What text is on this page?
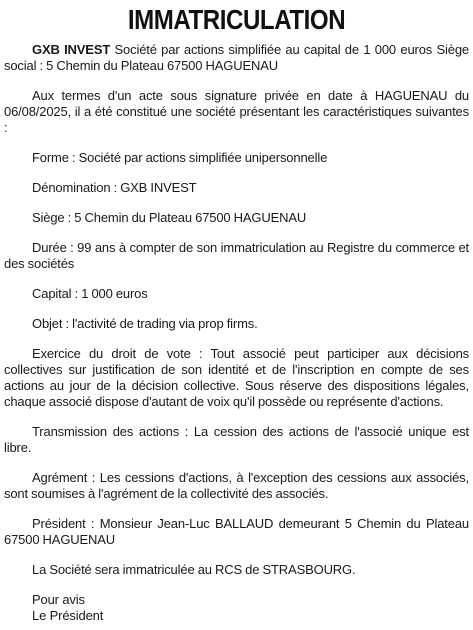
IMMATRICULATION

GXB INVEST Société par actions simplifiée au capital de 1 000 euros Siège social : 5 Chemin du Plateau 67500 HAGUENAU

Aux termes d'un acte sous signature privée en date à HAGUENAU du 06/08/2025, il a été constitué une société présentant les caractéristiques suivantes :

Forme : Société par actions simplifiée unipersonnelle

Dénomination : GXB INVEST

Siège : 5 Chemin du Plateau 67500 HAGUENAU

Durée : 99 ans à compter de son immatriculation au Registre du commerce et des sociétés

Capital : 1 000 euros

Objet : l'activité de trading via prop firms.

Exercice du droit de vote : Tout associé peut participer aux décisions collectives sur justification de son identité et de l'inscription en compte de ses actions au jour de la décision collective. Sous réserve des dispositions légales, chaque associé dispose d'autant de voix qu'il possède ou représente d'actions.

Transmission des actions : La cession des actions de l'associé unique est libre.

Agrément : Les cessions d'actions, à l'exception des cessions aux associés, sont soumises à l'agrément de la collectivité des associés.

Président : Monsieur Jean-Luc BALLAUD demeurant 5 Chemin du Plateau 67500 HAGUENAU

La Société sera immatriculée au RCS de STRASBOURG.

Pour avis
Le Président
